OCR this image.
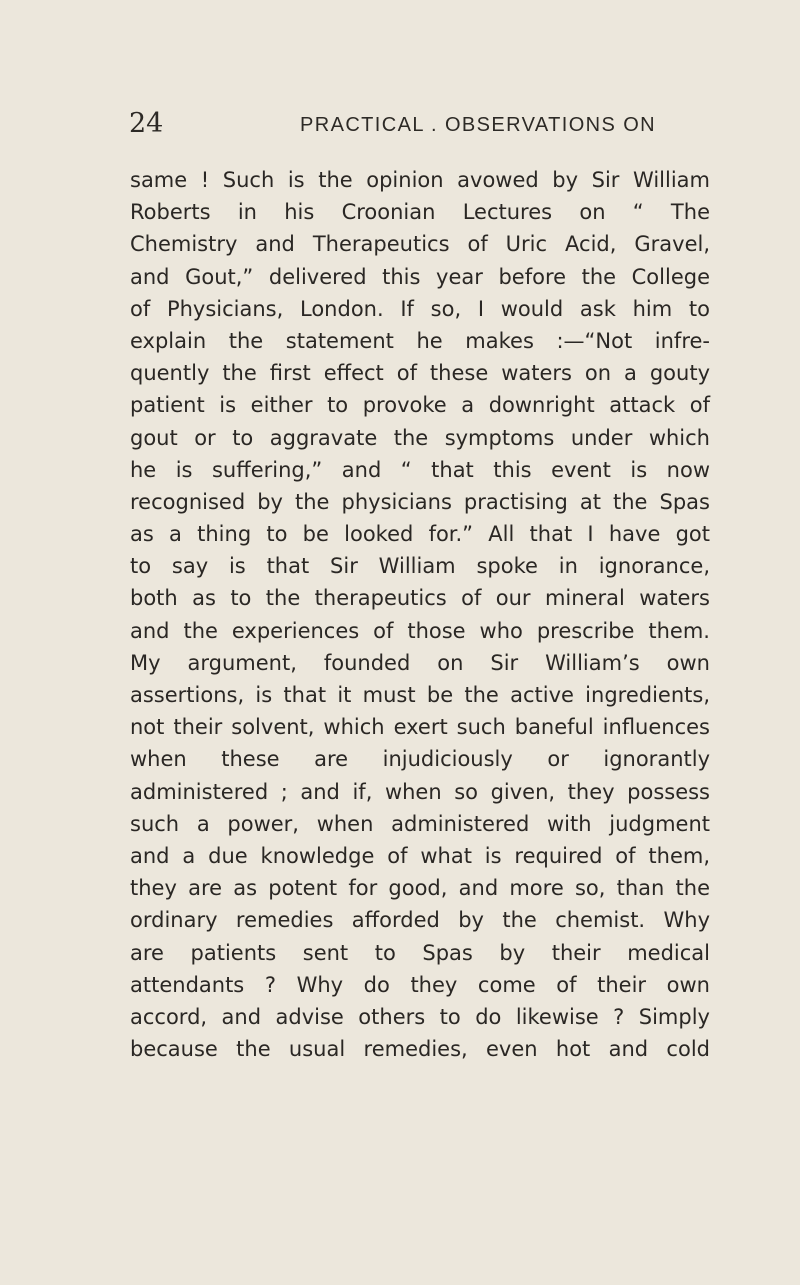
24	PRACTICAL . OBSERVATIONS ON
same ! Such is the opinion avowed by Sir William
Roberts in his Croonian Lectures on “ The
Chemistry and Therapeutics of Uric Acid, Gravel,
and Gout,” delivered this year before the College
of Physicians, London. If so, I would ask him to
explain the statement he makes :—“Not infre-
quently the first effect of these waters on a gouty
patient is either to provoke a downright attack of
gout or to aggravate the symptoms under which
he is suffering,” and “ that this event is now
recognised by the physicians practising at the Spas
as a thing to be looked for.” All that I have got
to say is that Sir William spoke in ignorance,
both as to the therapeutics of our mineral waters
and the experiences of those who prescribe them.
My argument, founded on Sir William’s own
assertions, is that it must be the active ingredients,
not their solvent, which exert such baneful influences
when these are injudiciously or ignorantly
administered ; and if, when so given, they possess
such a power, when administered with judgment
and a due knowledge of what is required of them,
they are as potent for good, and more so, than the
ordinary remedies afforded by the chemist. Why
are patients sent to Spas by their medical
attendants ? Why do they come of their own
accord, and advise others to do likewise ? Simply
because the usual remedies, even hot and cold
